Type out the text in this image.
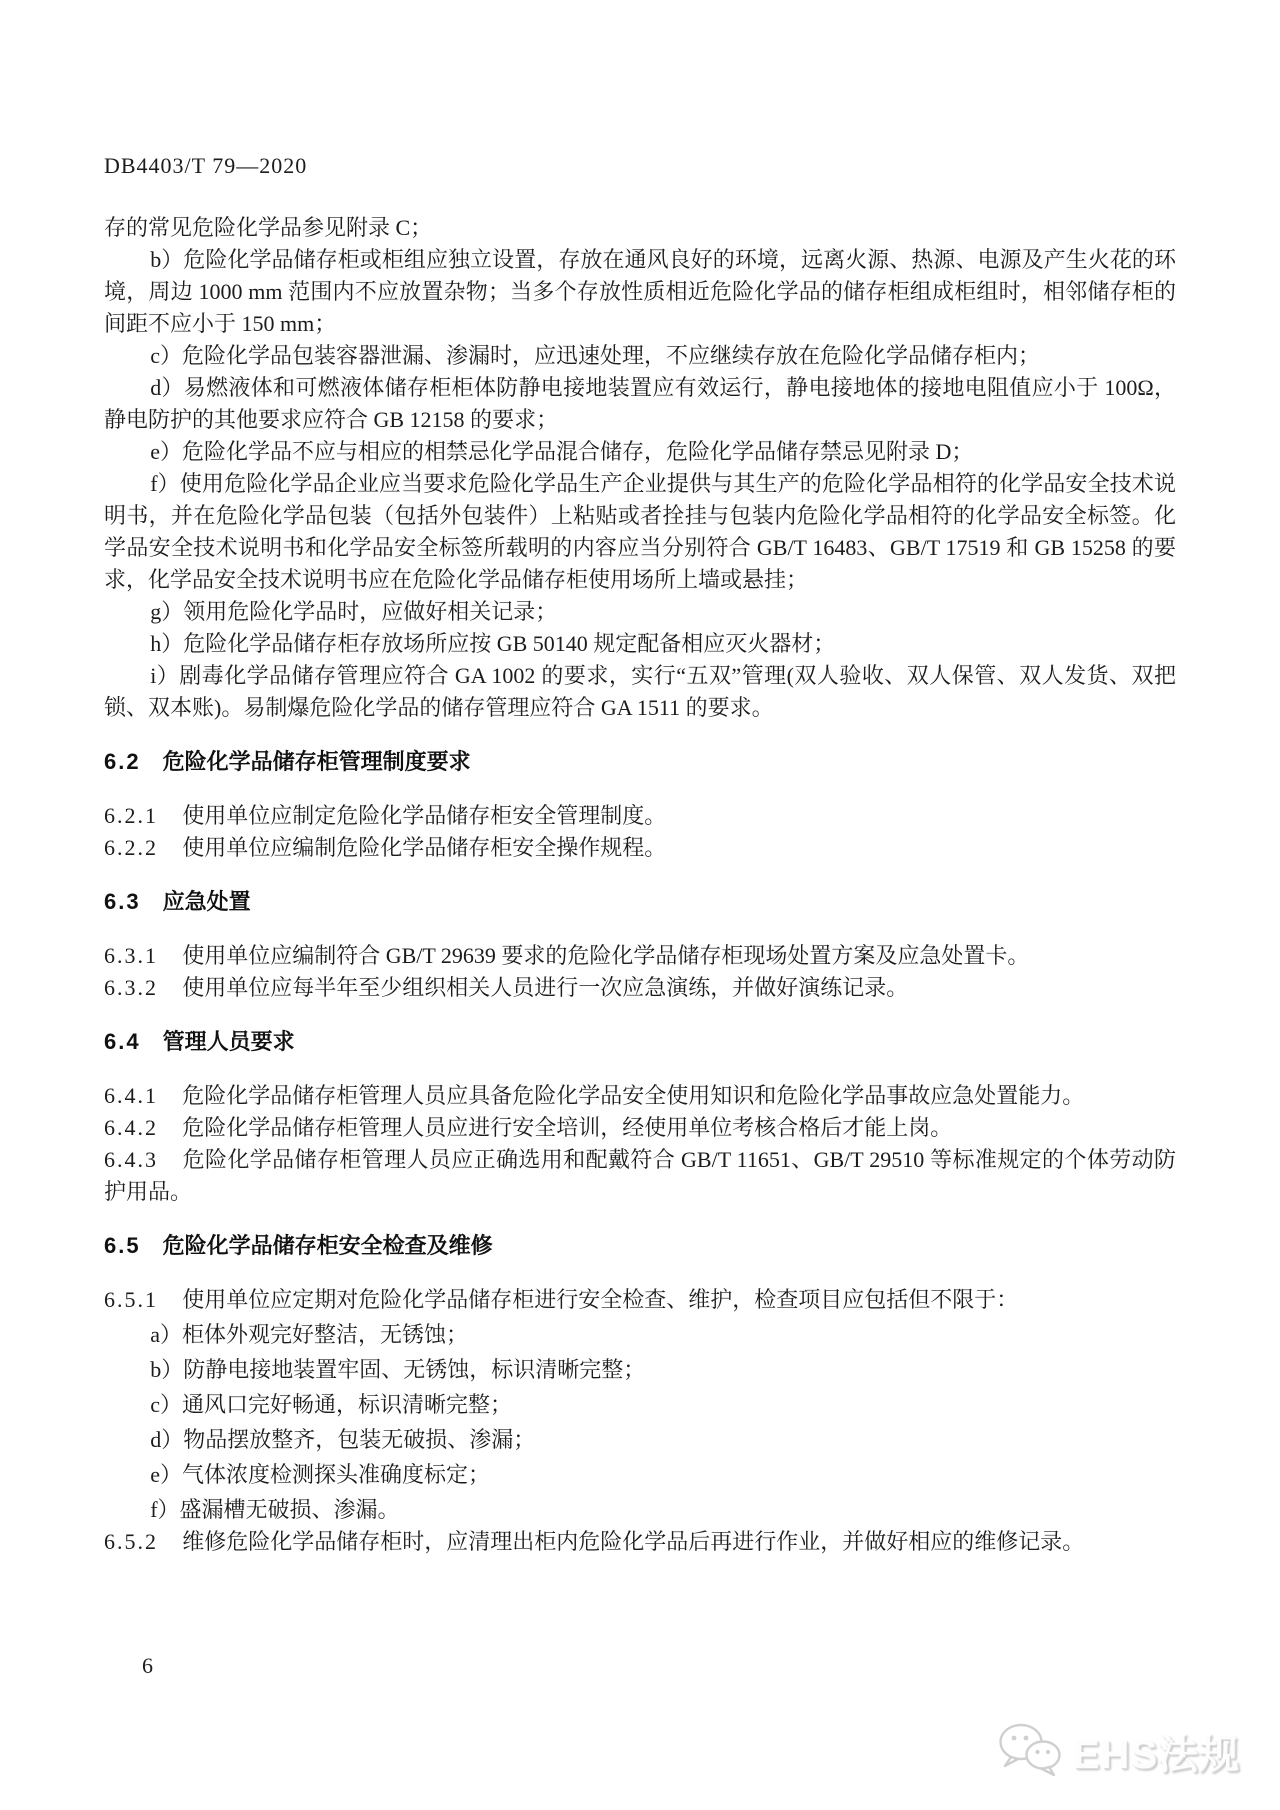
DB4403/T 79—2020

存的常见危险化学品参见附录 C；

b）危险化学品储存柜或柜组应独立设置，存放在通风良好的环境，远离火源、热源、电源及产生火花的环境，周边 1000 mm 范围内不应放置杂物；当多个存放性质相近危险化学品的储存柜组成柜组时，相邻储存柜的间距不应小于 150 mm；

c）危险化学品包装容器泄漏、渗漏时，应迅速处理，不应继续存放在危险化学品储存柜内；

d）易燃液体和可燃液体储存柜柜体防静电接地装置应有效运行，静电接地体的接地电阻值应小于 100Ω，静电防护的其他要求应符合 GB 12158 的要求；

e）危险化学品不应与相应的相禁忌化学品混合储存，危险化学品储存禁忌见附录 D；

f）使用危险化学品企业应当要求危险化学品生产企业提供与其生产的危险化学品相符的化学品安全技术说明书，并在危险化学品包装（包括外包装件）上粘贴或者拴挂与包装内危险化学品相符的化学品安全标签。化学品安全技术说明书和化学品安全标签所载明的内容应当分别符合 GB/T 16483、GB/T 17519 和 GB 15258 的要求，化学品安全技术说明书应在危险化学品储存柜使用场所上墙或悬挂；

g）领用危险化学品时，应做好相关记录；

h）危险化学品储存柜存放场所应按 GB 50140 规定配备相应灭火器材；

i）剧毒化学品储存管理应符合 GA 1002 的要求，实行“五双”管理(双人验收、双人保管、双人发货、双把锁、双本账)。易制爆危险化学品的储存管理应符合 GA 1511 的要求。

6.2 危险化学品储存柜管理制度要求

6.2.1 使用单位应制定危险化学品储存柜安全管理制度。

6.2.2 使用单位应编制危险化学品储存柜安全操作规程。

6.3 应急处置

6.3.1 使用单位应编制符合 GB/T 29639 要求的危险化学品储存柜现场处置方案及应急处置卡。

6.3.2 使用单位应每半年至少组织相关人员进行一次应急演练，并做好演练记录。

6.4 管理人员要求

6.4.1 危险化学品储存柜管理人员应具备危险化学品安全使用知识和危险化学品事故应急处置能力。

6.4.2 危险化学品储存柜管理人员应进行安全培训，经使用单位考核合格后才能上岗。

6.4.3 危险化学品储存柜管理人员应正确选用和配戴符合 GB/T 11651、GB/T 29510 等标准规定的个体劳动防护用品。

6.5 危险化学品储存柜安全检查及维修

6.5.1 使用单位应定期对危险化学品储存柜进行安全检查、维护，检查项目应包括但不限于：

a）柜体外观完好整洁，无锈蚀；

b）防静电接地装置牢固、无锈蚀，标识清晰完整；

c）通风口完好畅通，标识清晰完整；

d）物品摆放整齐，包装无破损、渗漏；

e）气体浓度检测探头准确度标定；

f）盛漏槽无破损、渗漏。

6.5.2 维修危险化学品储存柜时，应清理出柜内危险化学品后再进行作业，并做好相应的维修记录。

6
EHS法规
